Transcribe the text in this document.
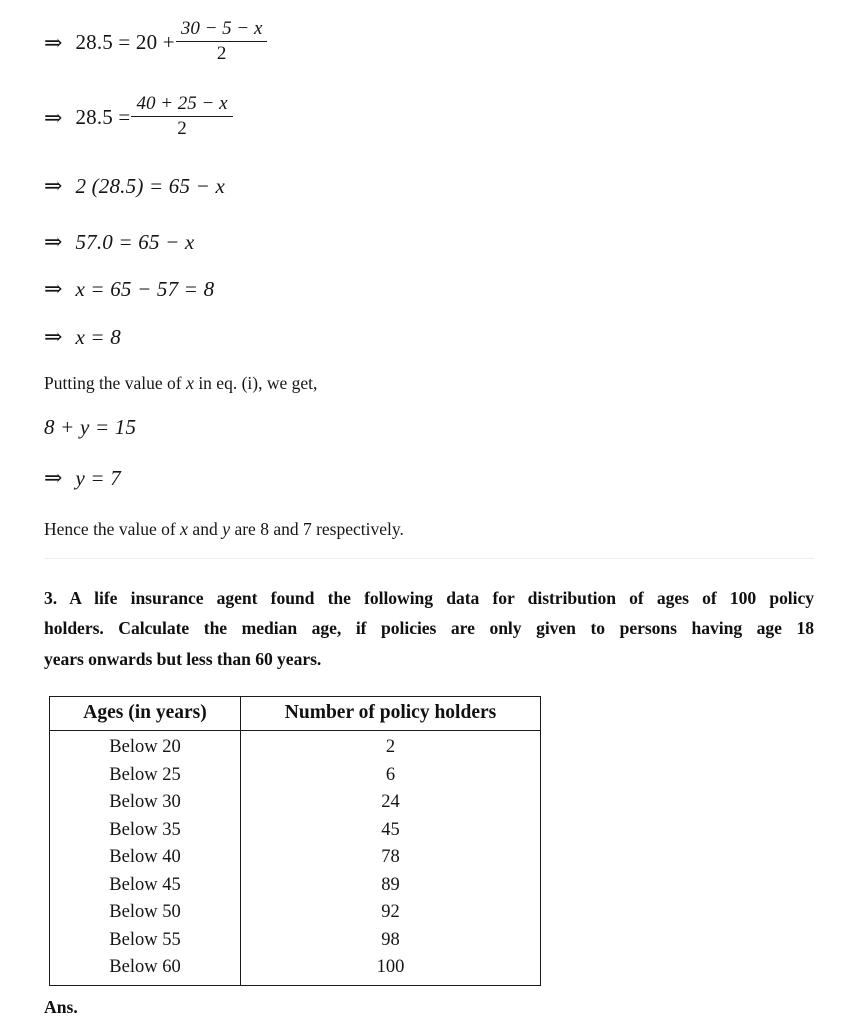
⇒ $28.5 = 20 + \frac{30 - 5 - x}{2}$
⇒ $28.5 = \frac{40 + 25 - x}{2}$
⇒ 2 (28.5) = 65 − x
⇒ 57.0 = 65 − x
⇒ x = 65 − 57 = 8
⇒ x = 8
Putting the value of x in eq. (i), we get,
8 + y = 15
⇒ y = 7
Hence the value of x and y are 8 and 7 respectively.
3. A life insurance agent found the following data for distribution of ages of 100 policy
holders. Calculate the median age, if policies are only given to persons having age 18
years onwards but less than 60 years.
Ages (in years)	Number of policy holders
Below 20	2
Below 25	6
Below 30	24
Below 35	45
Below 40	78
Below 45	89
Below 50	92
Below 55	98
Below 60	100
Ans.
